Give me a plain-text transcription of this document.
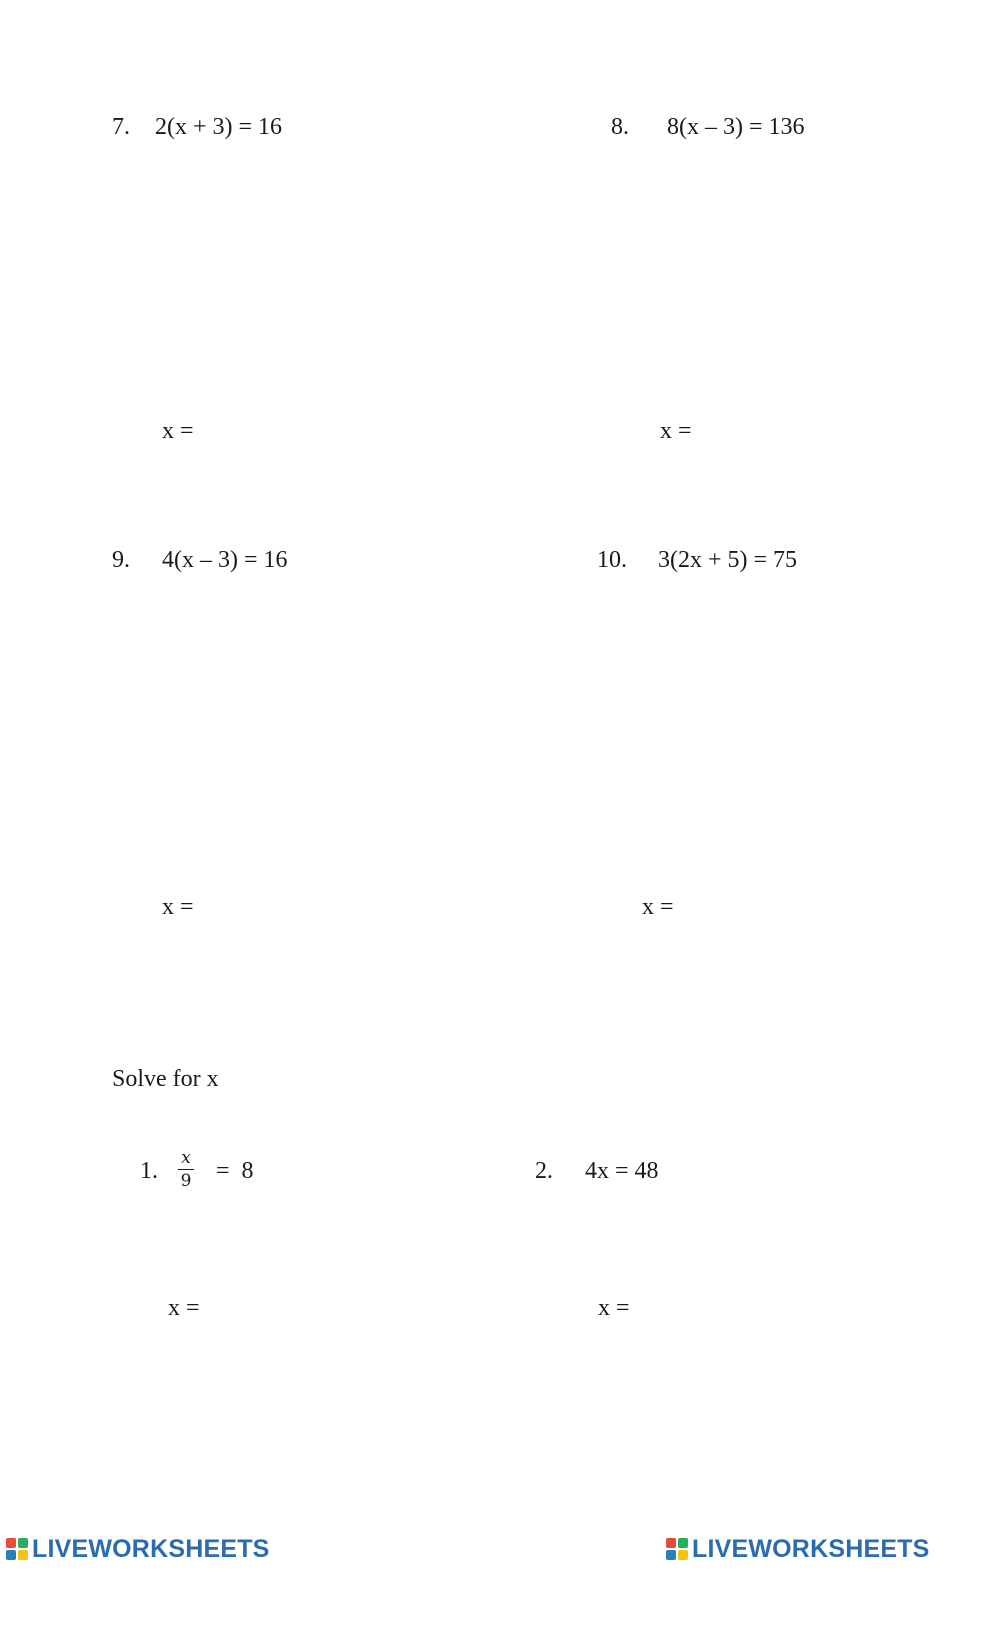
7. 2(x + 3) = 16
x =
8. 8(x – 3) = 136
x =
9. 4(x – 3) = 16
x =
10. 3(2x + 5) = 75
x =
Solve for x
1. x
9 =  8
x =
2. 4x = 48
x =
LIVEWORKSHEETS	LIVEWORKSHEETS
